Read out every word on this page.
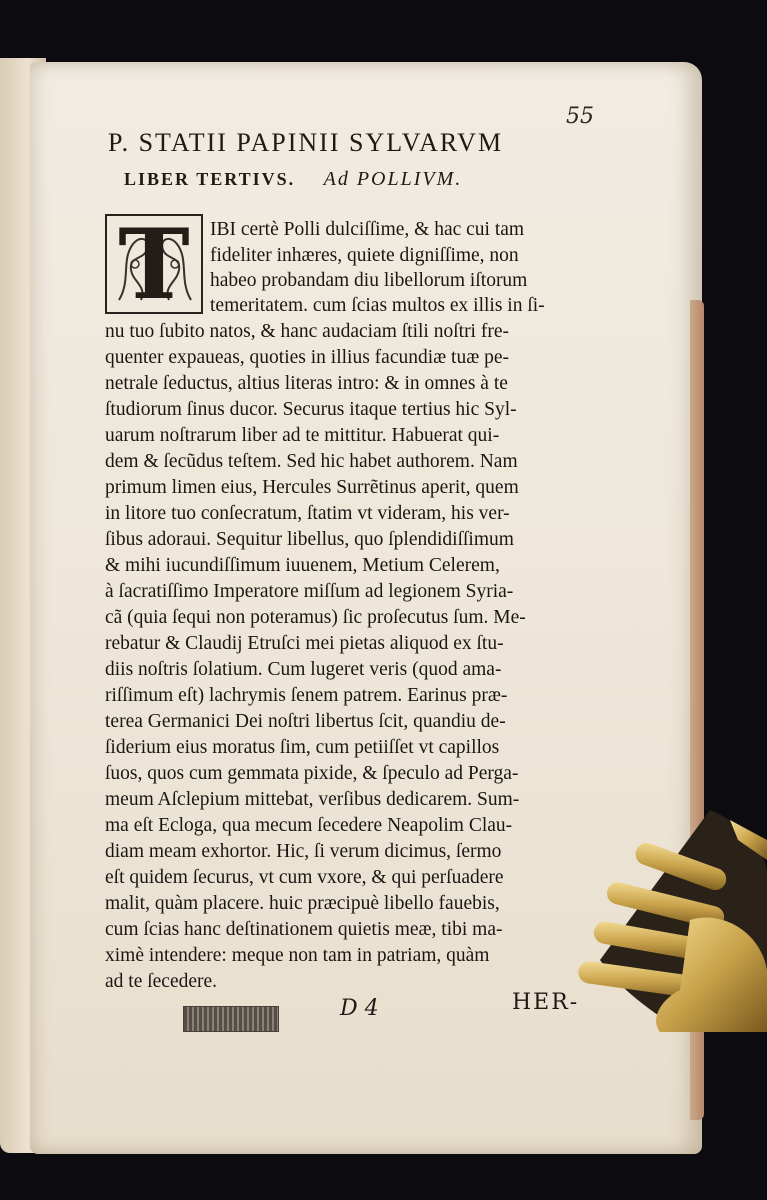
55
P. STATII PAPINII SYLVARVM
LIBER TERTIVS. Ad POLLIVM.
T	IBI certè Polli dulciſſime, & hac cui tam
fideliter inhæres, quiete digniſſime, non
habeo probandam diu libellorum iſtorum
temeritatem. cum ſcias multos ex illis in ſi-
nu tuo ſubito natos, & hanc audaciam ſtili noſtri fre-
quenter expaueas, quoties in illius facundiæ tuæ pe-
netrale ſeductus, altius literas intro: & in omnes à te
ſtudiorum ſinus ducor. Securus itaque tertius hic Syl-
uarum noſtrarum liber ad te mittitur. Habuerat qui-
dem & ſecũdus teſtem. Sed hic habet authorem. Nam
primum limen eius, Hercules Surrẽtinus aperit, quem
in litore tuo conſecratum, ſtatim vt videram, his ver-
ſibus adoraui. Sequitur libellus, quo ſplendidiſſimum
& mihi iucundiſſimum iuuenem, Metium Celerem,
à ſacratiſſimo Imperatore miſſum ad legionem Syria-
cã (quia ſequi non poteramus) ſic proſecutus ſum. Me-
rebatur & Claudij Etruſci mei pietas aliquod ex ſtu-
diis noſtris ſolatium. Cum lugeret veris (quod ama-
riſſimum eſt) lachrymis ſenem patrem. Earinus præ-
terea Germanici Dei noſtri libertus ſcit, quandiu de-
ſiderium eius moratus ſim, cum petiiſſet vt capillos
ſuos, quos cum gemmata pixide, & ſpeculo ad Perga-
meum Aſclepium mittebat, verſibus dedicarem. Sum-
ma eſt Ecloga, qua mecum ſecedere Neapolim Clau-
diam meam exhortor. Hic, ſi verum dicimus, ſermo
eſt quidem ſecurus, vt cum vxore, & qui perſuadere
malit, quàm placere. huic præcipuè libello fauebis,
cum ſcias hanc deſtinationem quietis meæ, tibi ma-
ximè intendere: meque non tam in patriam, quàm
ad te ſecedere.
D 4	HER-
